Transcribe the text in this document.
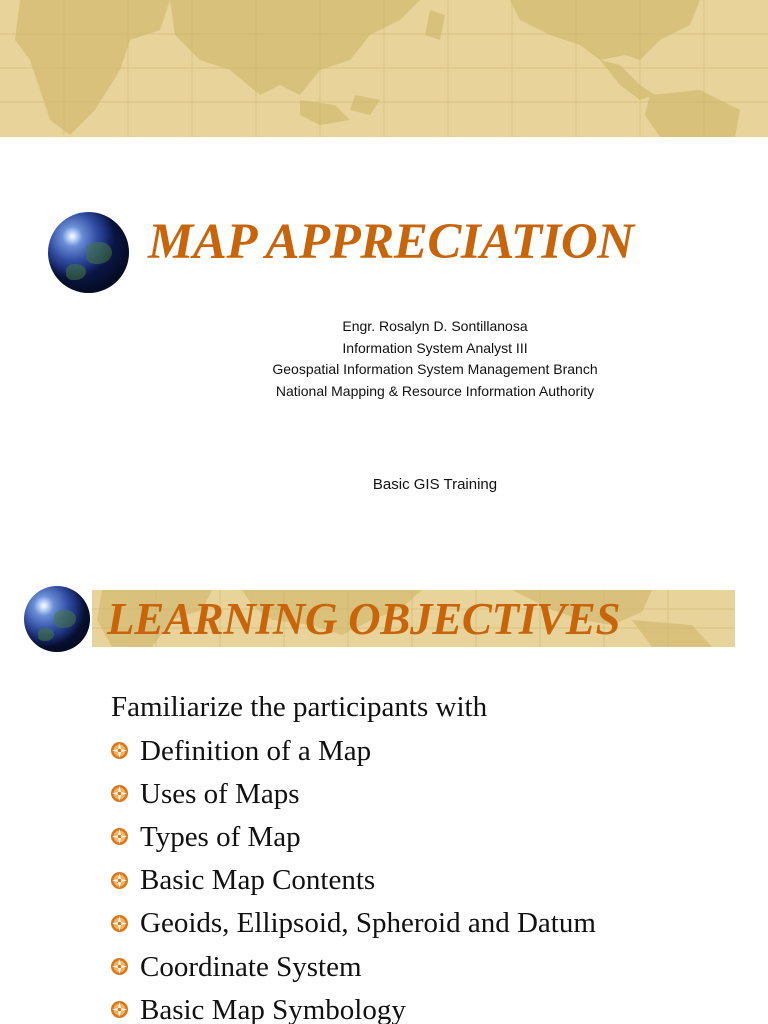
MAP APPRECIATION
Engr. Rosalyn D. Sontillanosa
Information System Analyst III
Geospatial Information System Management Branch
National Mapping & Resource Information Authority
Basic GIS Training
LEARNING OBJECTIVES
Familiarize the participants with
Definition of a Map
Uses of Maps
Types of Map
Basic Map Contents
Geoids, Ellipsoid, Spheroid and Datum
Coordinate System
Basic Map Symbology
